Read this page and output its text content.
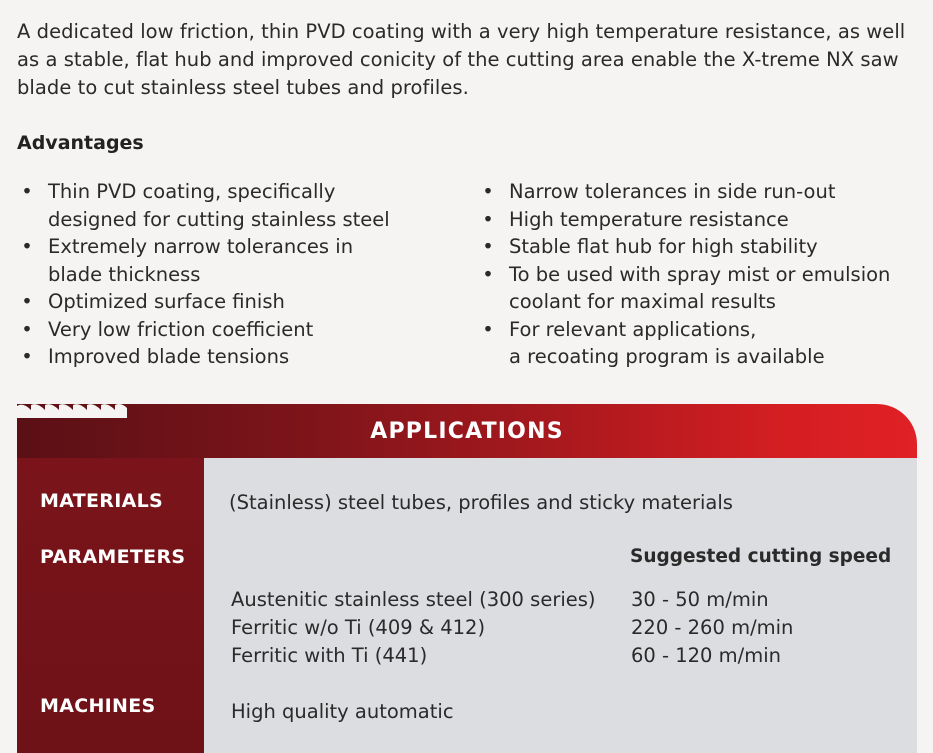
A dedicated low friction, thin PVD coating with a very high temperature resistance, as well as a stable, flat hub and improved conicity of the cutting area enable the X-treme NX saw blade to cut stainless steel tubes and profiles.

Advantages
• Thin PVD coating, specifically
designed for cutting stainless steel
• Extremely narrow tolerances in
blade thickness
• Optimized surface finish
• Very low friction coefficient
• Improved blade tensions
• Narrow tolerances in side run-out
• High temperature resistance
• Stable flat hub for high stability
• To be used with spray mist or emulsion
coolant for maximal results
• For relevant applications,
a recoating program is available
APPLICATIONS
MATERIALS
PARAMETERS
MACHINES
(Stainless) steel tubes, profiles and sticky materials
Suggested cutting speed
Austenitic stainless steel (300 series) 30 - 50 m/min
Ferritic w/o Ti (409 & 412)	220 - 260 m/min
Ferritic with Ti (441)	60 - 120 m/min
High quality automatic
